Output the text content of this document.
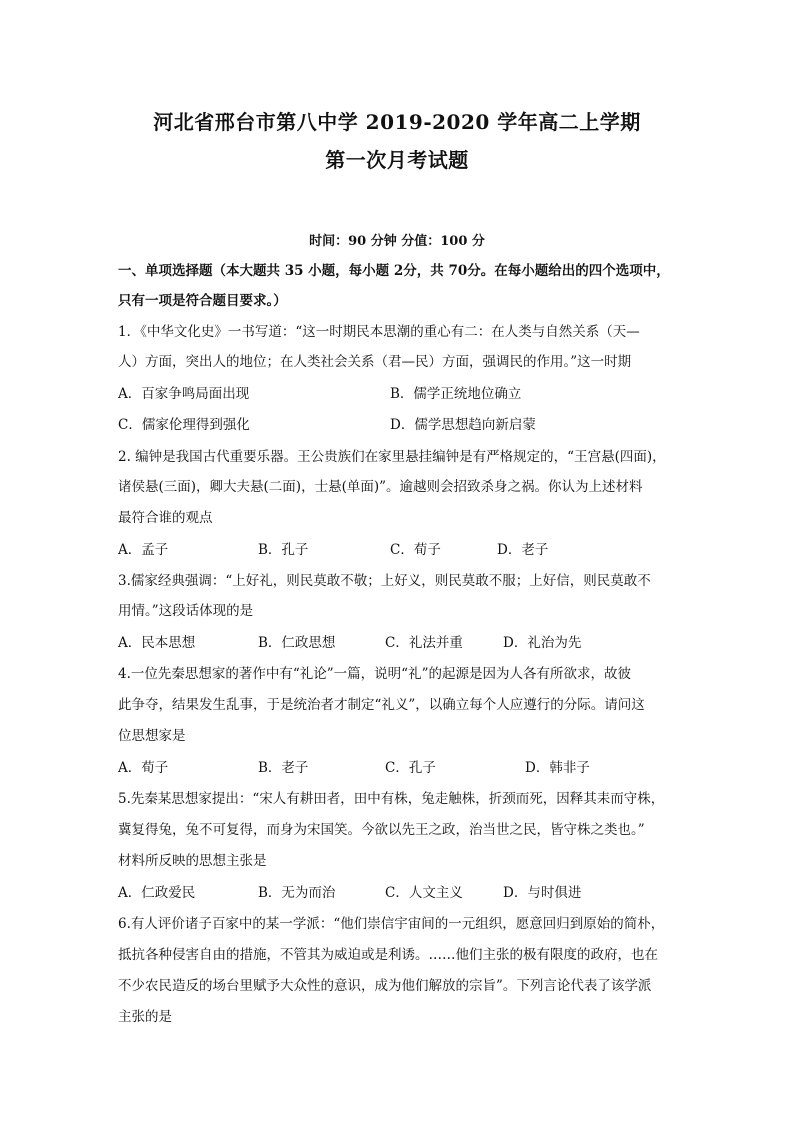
河北省邢台市第八中学 2019-2020 学年高二上学期
第一次月考试题
时间：90 分钟 分值：100 分
一、单项选择题（本大题共 35 小题，每小题 2分，共 70分。在每小题给出的四个选项中，
只有一项是符合题目要求。）
1．《中华文化史》一书写道：“这一时期民本思潮的重心有二：在人类与自然关系（天—
人）方面，突出人的地位；在人类社会关系（君—民）方面，强调民的作用。”这一时期
A．百家争鸣局面出现	B．儒学正统地位确立
C．儒家伦理得到强化	D．儒学思想趋向新启蒙
2. 编钟是我国古代重要乐器。王公贵族们在家里悬挂编钟是有严格规定的，“王宫悬(四面)，
诸侯悬(三面)，卿大夫悬(二面)，士悬(单面)”。逾越则会招致杀身之祸。你认为上述材料
最符合谁的观点
A．孟子	B．孔子	C．荀子	D．老子
3.儒家经典强调：“上好礼，则民莫敢不敬；上好义，则民莫敢不服；上好信，则民莫敢不
用情。”这段话体现的是
A．民本思想	B．仁政思想	C．礼法并重	D．礼治为先
4.一位先秦思想家的著作中有“礼论”一篇，说明“礼”的起源是因为人各有所欲求，故彼
此争夺，结果发生乱事，于是统治者才制定“礼义”，以确立每个人应遵行的分际。请问这
位思想家是
A．荀子	B．老子	C．孔子	D．韩非子
5.先秦某思想家提出：“宋人有耕田者，田中有株，兔走触株，折颈而死，因释其耒而守株，
冀复得兔，兔不可复得，而身为宋国笑。今欲以先王之政，治当世之民，皆守株之类也。”
材料所反映的思想主张是
A．仁政爱民	B．无为而治	C．人文主义	D．与时俱进
6.有人评价诸子百家中的某一学派：“他们崇信宇宙间的一元组织，愿意回归到原始的简朴，
抵抗各种侵害自由的措施，不管其为威迫或是利诱。……他们主张的极有限度的政府，也在
不少农民造反的场台里赋予大众性的意识，成为他们解放的宗旨”。下列言论代表了该学派
主张的是
